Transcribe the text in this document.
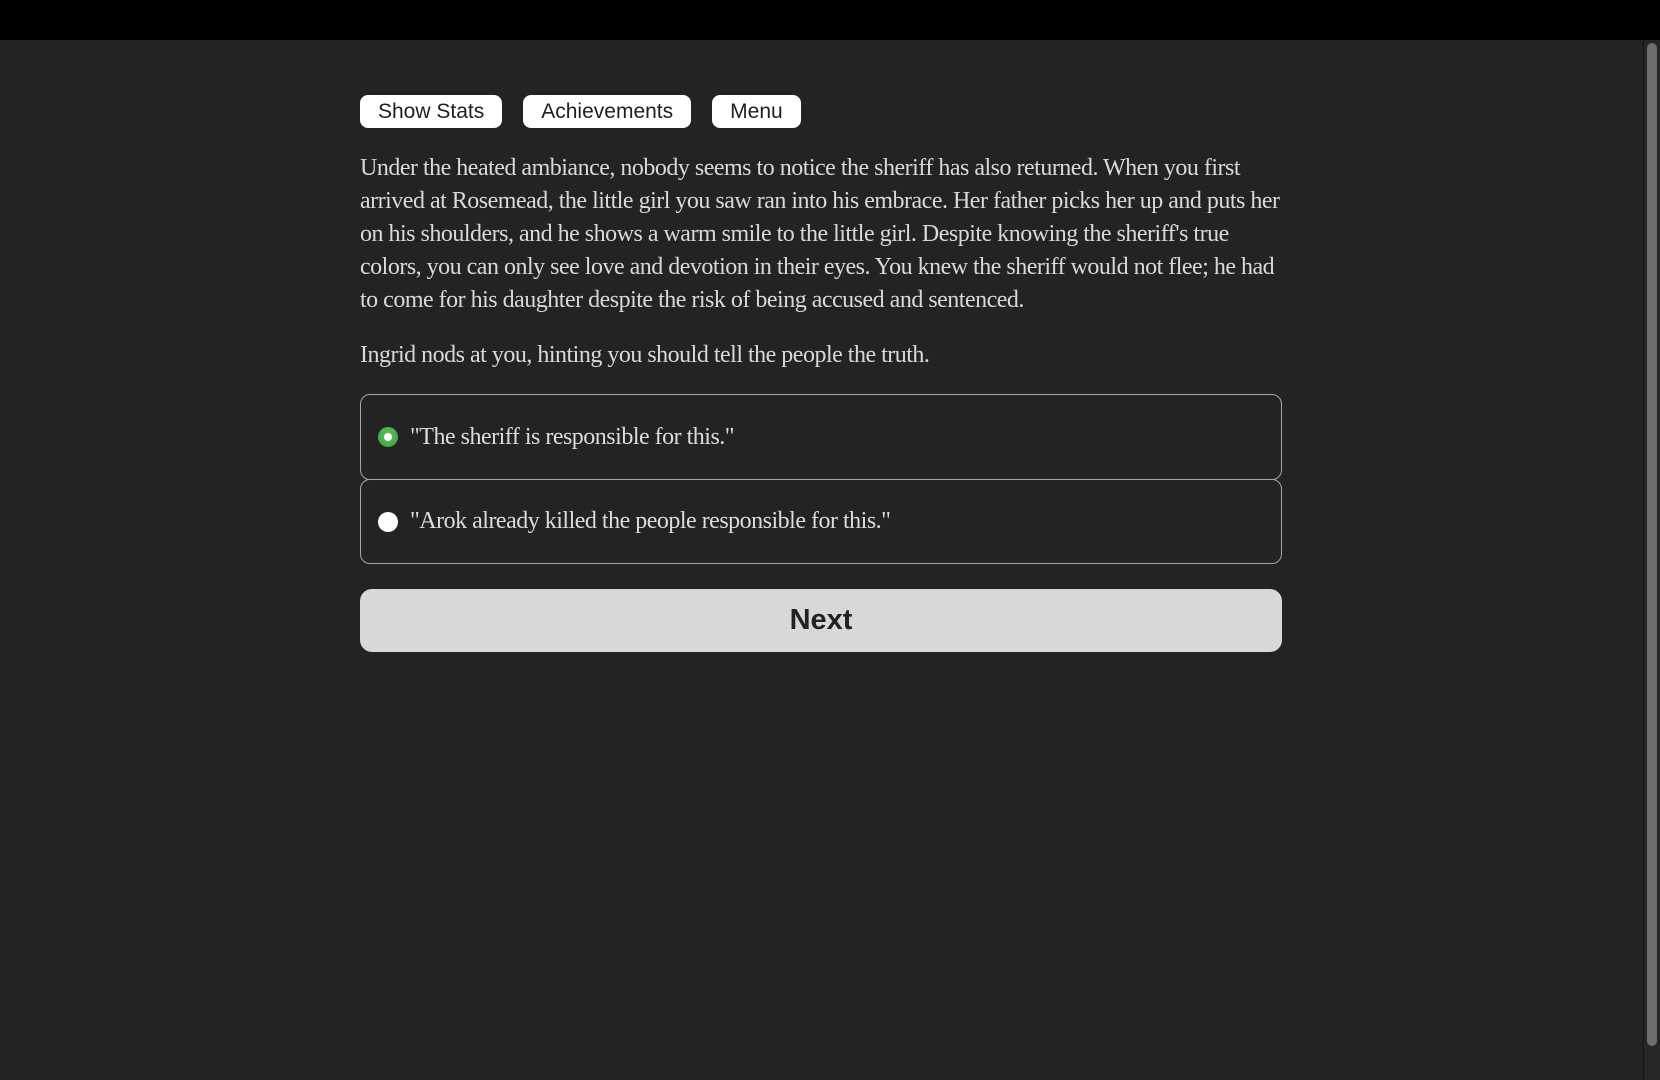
Show Stats	Achievements	Menu

Under the heated ambiance, nobody seems to notice the sheriff has also returned. When you first arrived at Rosemead, the little girl you saw ran into his embrace. Her father picks her up and puts her on his shoulders, and he shows a warm smile to the little girl. Despite knowing the sheriff's true colors, you can only see love and devotion in their eyes. You knew the sheriff would not flee; he had to come for his daughter despite the risk of being accused and sentenced.

Ingrid nods at you, hinting you should tell the people the truth.

"The sheriff is responsible for this."
"Arok already killed the people responsible for this."
Next
